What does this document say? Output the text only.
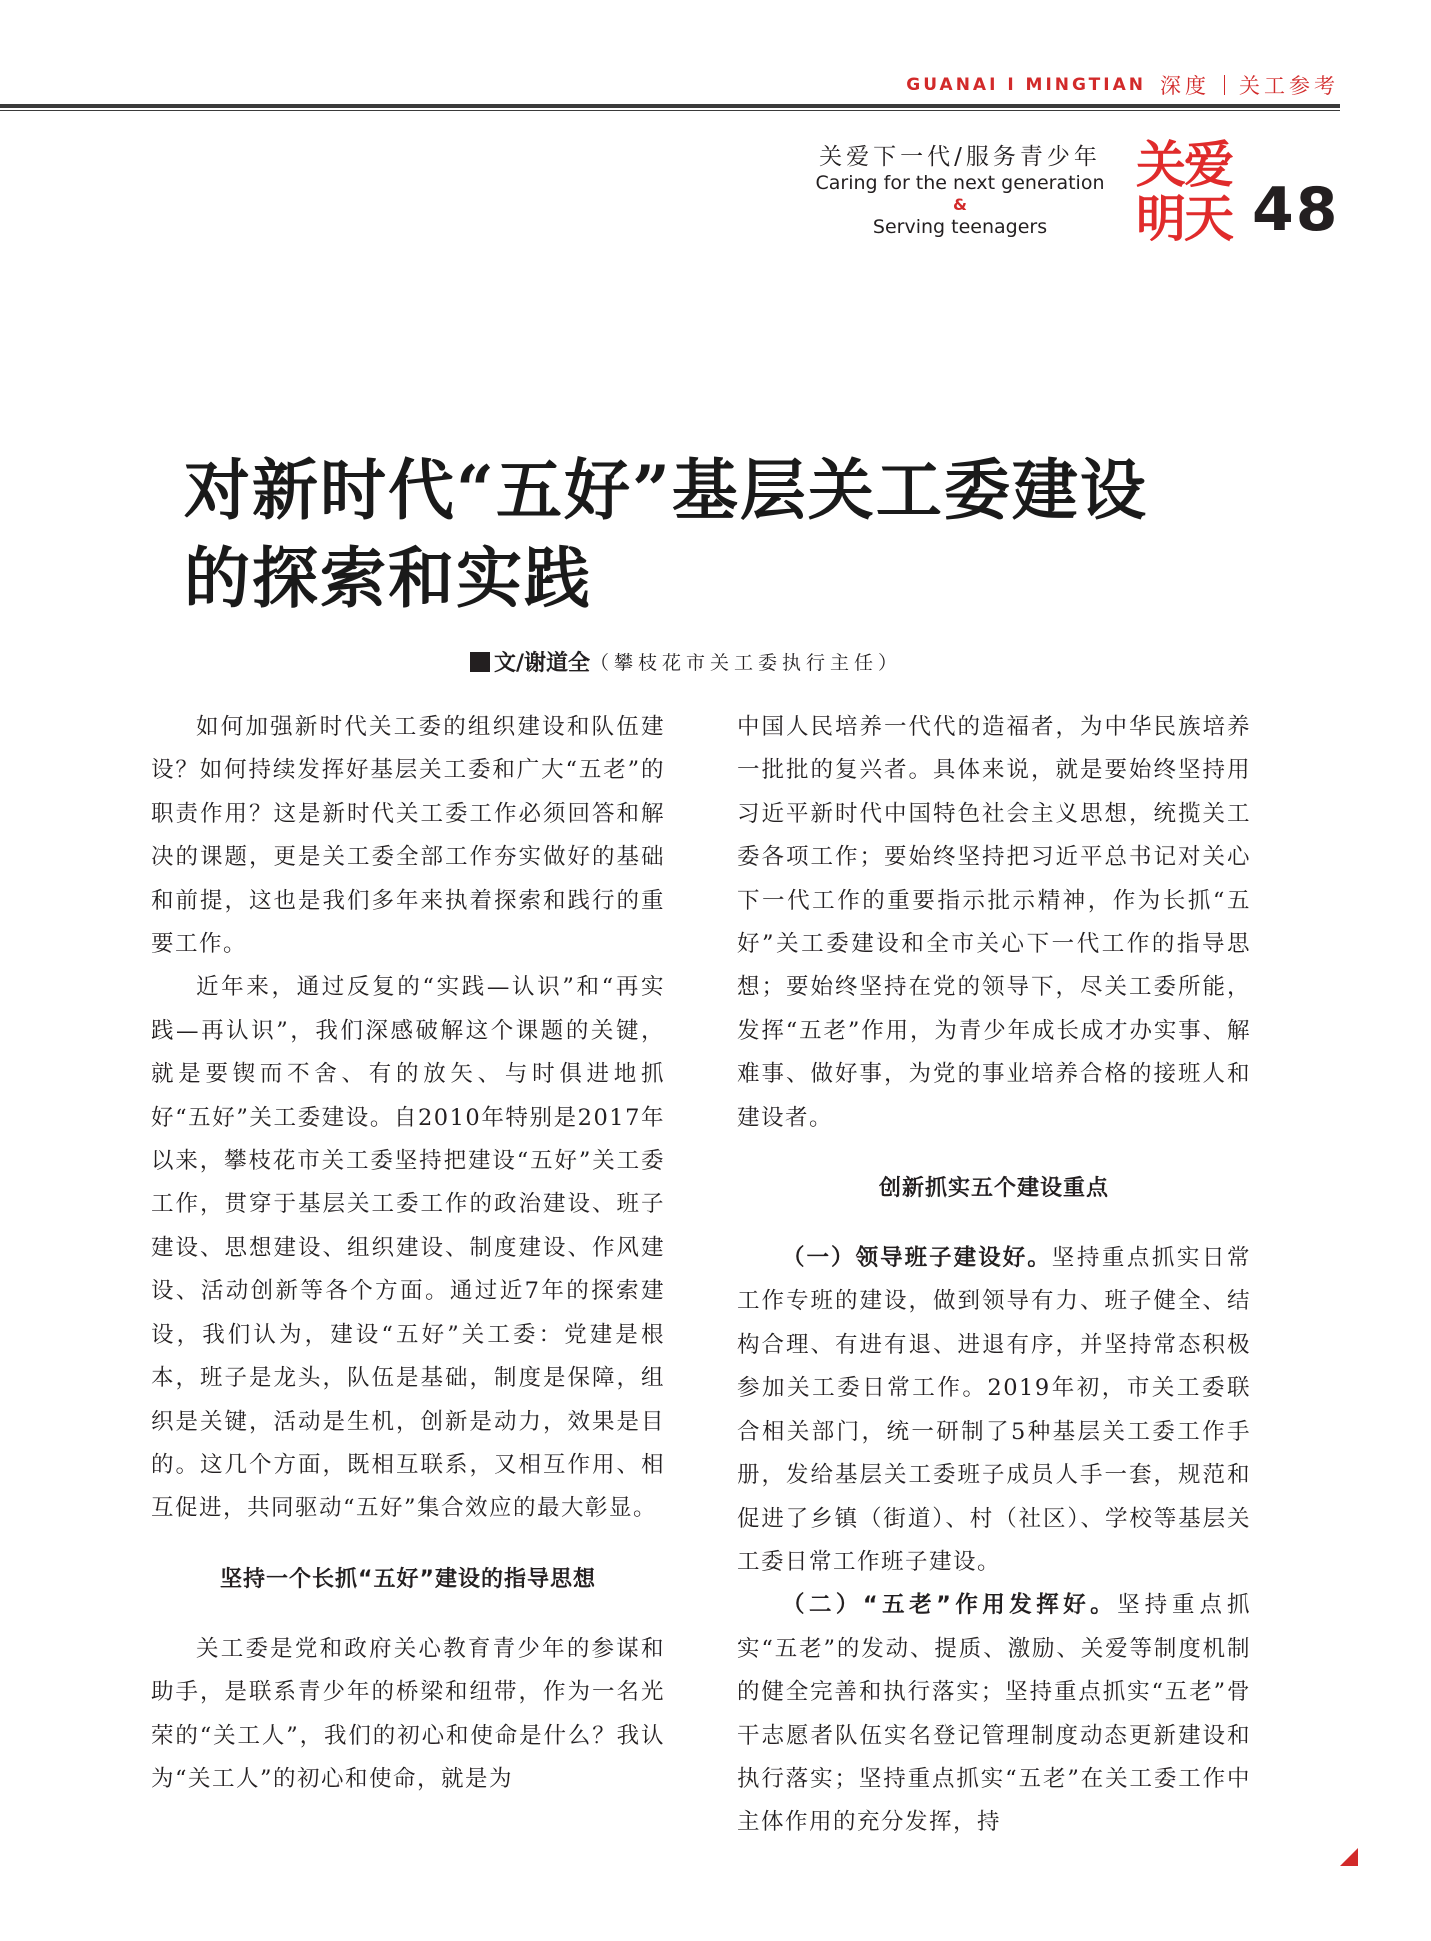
GUANAI I MINGTIAN 深度 关工参考
关爱下一代/服务青少年
Caring for the next generation
&
Serving teenagers
关爱
明天 48
对新时代“五好”基层关工委建设
的探索和实践
文/谢道全 （攀枝花市关工委执行主任）

如何加强新时代关工委的组织建设和队伍建设？如何持续发挥好基层关工委和广大“五老”的职责作用？这是新时代关工委工作必须回答和解决的课题，更是关工委全部工作夯实做好的基础和前提，这也是我们多年来执着探索和践行的重要工作。

近年来，通过反复的“实践—认识”和“再实践—再认识”，我们深感破解这个课题的关键，就是要锲而不舍、有的放矢、与时俱进地抓好“五好”关工委建设。自2010年特别是2017年以来，攀枝花市关工委坚持把建设“五好”关工委工作，贯穿于基层关工委工作的政治建设、班子建设、思想建设、组织建设、制度建设、作风建设、活动创新等各个方面。通过近7年的探索建设，我们认为，建设“五好”关工委：党建是根本，班子是龙头，队伍是基础，制度是保障，组织是关键，活动是生机，创新是动力，效果是目的。这几个方面，既相互联系，又相互作用、相互促进，共同驱动“五好”集合效应的最大彰显。

坚持一个长抓“五好”建设的指导思想

关工委是党和政府关心教育青少年的参谋和助手，是联系青少年的桥梁和纽带，作为一名光荣的“关工人”，我们的初心和使命是什么？我认为“关工人”的初心和使命，就是为

中国人民培养一代代的造福者，为中华民族培养一批批的复兴者。具体来说，就是要始终坚持用习近平新时代中国特色社会主义思想，统揽关工委各项工作；要始终坚持把习近平总书记对关心下一代工作的重要指示批示精神，作为长抓“五好”关工委建设和全市关心下一代工作的指导思想；要始终坚持在党的领导下，尽关工委所能，发挥“五老”作用，为青少年成长成才办实事、解难事、做好事，为党的事业培养合格的接班人和建设者。

创新抓实五个建设重点

（一）领导班子建设好。坚持重点抓实日常工作专班的建设，做到领导有力、班子健全、结构合理、有进有退、进退有序，并坚持常态积极参加关工委日常工作。2019年初，市关工委联合相关部门，统一研制了5种基层关工委工作手册，发给基层关工委班子成员人手一套，规范和促进了乡镇（街道）、村（社区）、学校等基层关工委日常工作班子建设。

（二）“五老”作用发挥好。坚持重点抓实“五老”的发动、提质、激励、关爱等制度机制的健全完善和执行落实；坚持重点抓实“五老”骨干志愿者队伍实名登记管理制度动态更新建设和执行落实；坚持重点抓实“五老”在关工委工作中主体作用的充分发挥，持
